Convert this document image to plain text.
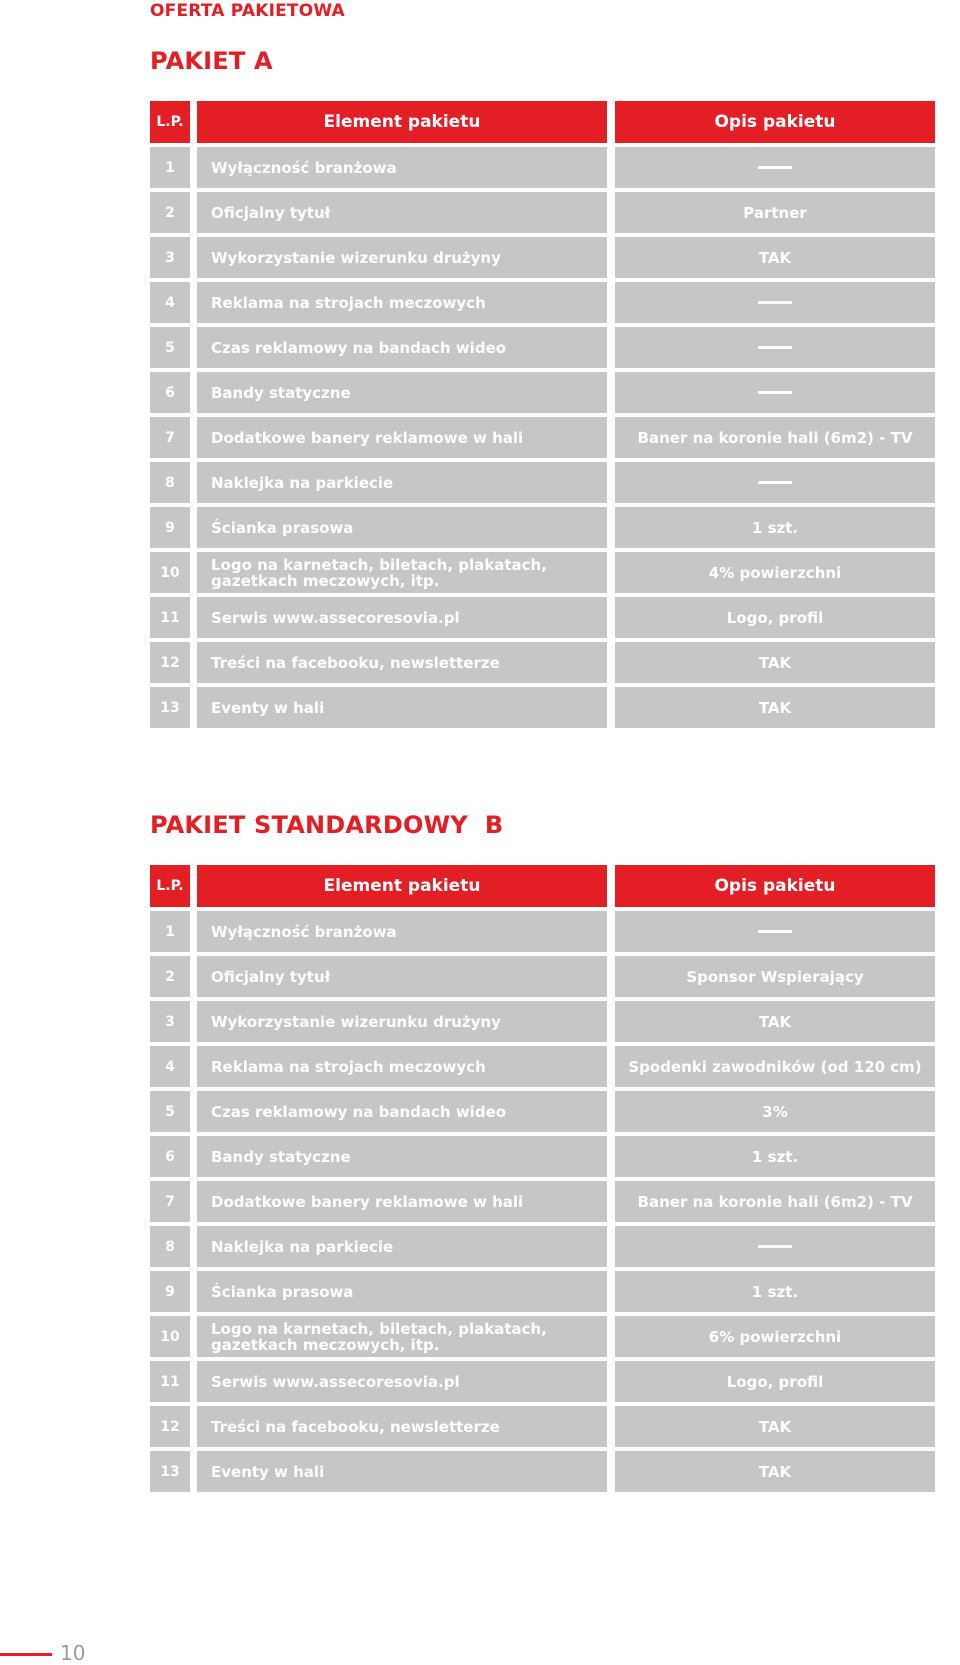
OFERTA PAKIETOWA
PAKIET A
L.P.	Element pakietu	Opis pakietu
1	Wyłączność branżowa
2	Oficjalny tytuł	Partner
3	Wykorzystanie wizerunku drużyny	TAK
4	Reklama na strojach meczowych
5	Czas reklamowy na bandach wideo
6	Bandy statyczne
7	Dodatkowe banery reklamowe w hali	Baner na koronie hali (6m2) - TV
8	Naklejka na parkiecie
9	Ścianka prasowa	1 szt.
10	Logo na karnetach, biletach, plakatach, gazetkach meczowych, itp.	4% powierzchni
11	Serwis www.assecoresovia.pl	Logo, profil
12	Treści na facebooku, newsletterze	TAK
13	Eventy w hali	TAK
PAKIET STANDARDOWY  B
L.P.	Element pakietu	Opis pakietu
1	Wyłączność branżowa
2	Oficjalny tytuł	Sponsor Wspierający
3	Wykorzystanie wizerunku drużyny	TAK
4	Reklama na strojach meczowych	Spodenki zawodników (od 120 cm)
5	Czas reklamowy na bandach wideo	3%
6	Bandy statyczne	1 szt.
7	Dodatkowe banery reklamowe w hali	Baner na koronie hali (6m2) - TV
8	Naklejka na parkiecie
9	Ścianka prasowa	1 szt.
10	Logo na karnetach, biletach, plakatach, gazetkach meczowych, itp.	6% powierzchni
11	Serwis www.assecoresovia.pl	Logo, profil
12	Treści na facebooku, newsletterze	TAK
13	Eventy w hali	TAK
10
